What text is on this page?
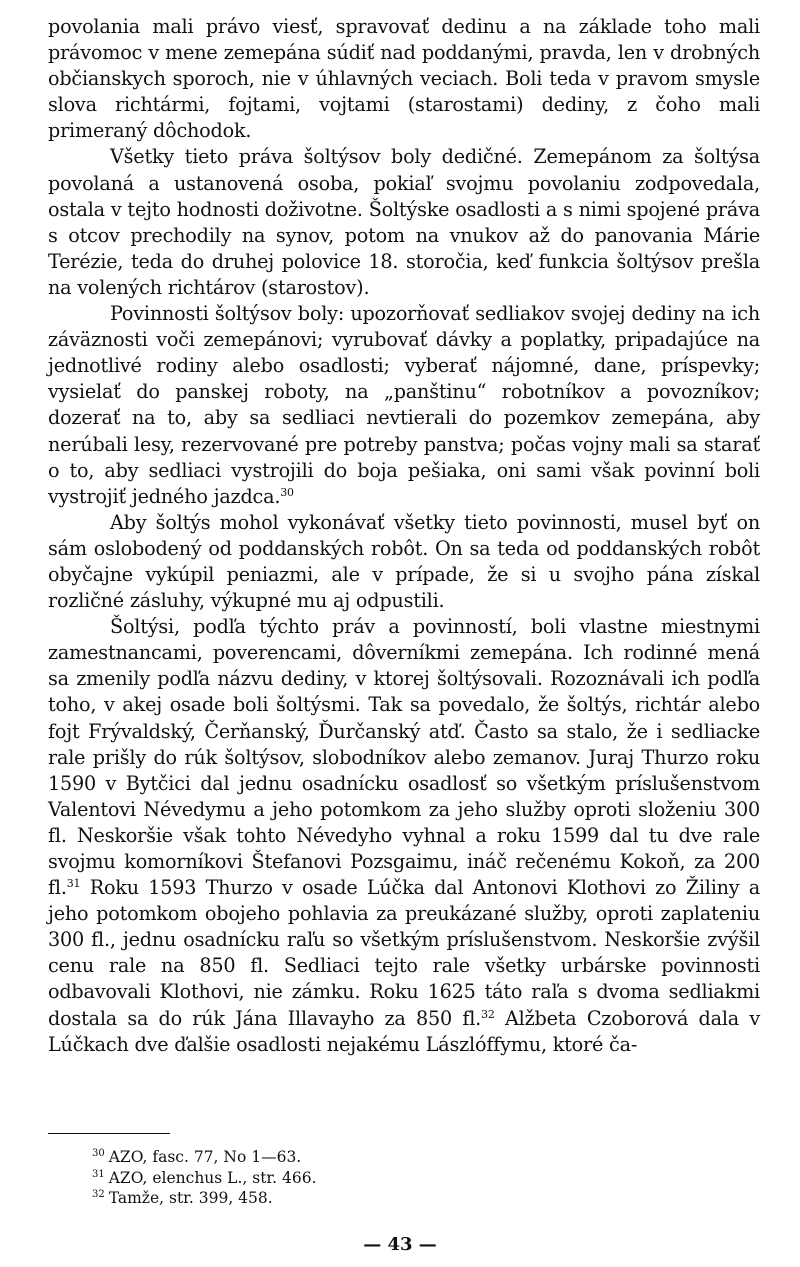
povolania mali právo viesť, spravovať dedinu a na základe toho mali právomoc v mene zemepána súdiť nad poddanými, pravda, len v drobných občianskych sporoch, nie v úhlavných veciach. Boli teda v pravom smysle slova richtármi, fojtami, vojtami (starostami) dediny, z čoho mali primeraný dôchodok.

Všetky tieto práva šoltýsov boly dedičné. Zemepánom za šoltýsa povolaná a ustanovená osoba, pokiaľ svojmu povolaniu zodpovedala, ostala v tejto hodnosti doživotne. Šoltýske osadlosti a s nimi spojené práva s otcov prechodily na synov, potom na vnukov až do panovania Márie Terézie, teda do druhej polovice 18. storočia, keď funkcia šoltýsov prešla na volených richtárov (starostov).

Povinnosti šoltýsov boly: upozorňovať sedliakov svojej dediny na ich záväznosti voči zemepánovi; vyrubovať dávky a poplatky, pripadajúce na jednotlivé rodiny alebo osadlosti; vyberať nájomné, dane, príspevky; vysielať do panskej roboty, na „panštinu“ robotníkov a povozníkov; dozerať na to, aby sa sedliaci nevtierali do pozemkov zemepána, aby nerúbali lesy, rezervované pre potreby panstva; počas vojny mali sa starať o to, aby sedliaci vystrojili do boja pešiaka, oni sami však povinní boli vystrojiť jedného jazdca.$^{30}$

Aby šoltýs mohol vykonávať všetky tieto povinnosti, musel byť on sám oslobodený od poddanských robôt. On sa teda od poddanských robôt obyčajne vykúpil peniazmi, ale v prípade, že si u svojho pána získal rozličné zásluhy, výkupné mu aj odpustili.

Šoltýsi, podľa týchto práv a povinností, boli vlastne miestnymi zamestnancami, poverencami, dôverníkmi zemepána. Ich rodinné mená sa zmenily podľa názvu dediny, v ktorej šoltýsovali. Rozoznávali ich podľa toho, v akej osade boli šoltýsmi. Tak sa povedalo, že šoltýs, richtár alebo fojt Frývaldský, Čerňanský, Ďurčanský atď. Často sa stalo, že i sedliacke rale prišly do rúk šoltýsov, slobodníkov alebo zemanov. Juraj Thurzo roku 1590 v Bytčici dal jednu osadnícku osadlosť so všetkým príslušenstvom Valentovi Névedymu a jeho potomkom za jeho služby oproti složeniu 300 fl. Neskoršie však tohto Névedyho vyhnal a roku 1599 dal tu dve rale svojmu komorníkovi Štefanovi Pozsgaimu, ináč rečenému Kokoň, za 200 fl.$^{31}$ Roku 1593 Thurzo v osade Lúčka dal Antonovi Klothovi zo Žiliny a jeho potomkom obojeho pohlavia za preukázané služby, oproti zaplateniu 300 fl., jednu osadnícku raľu so všetkým príslušenstvom. Neskoršie zvýšil cenu rale na 850 fl. Sedliaci tejto rale všetky urbárske povinnosti odbavovali Klothovi, nie zámku. Roku 1625 táto raľa s dvoma sedliakmi dostala sa do rúk Jána Illavayho za 850 fl.$^{32}$ Alžbeta Czoborová dala v Lúčkach dve ďalšie osadlosti nejakému Lászlóffymu, ktoré ča-

$^{30}$ AZO, fasc. 77, No 1—63.
$^{31}$ AZO, elenchus L., str. 466.
$^{32}$ Tamže, str. 399, 458.
— 43 —
